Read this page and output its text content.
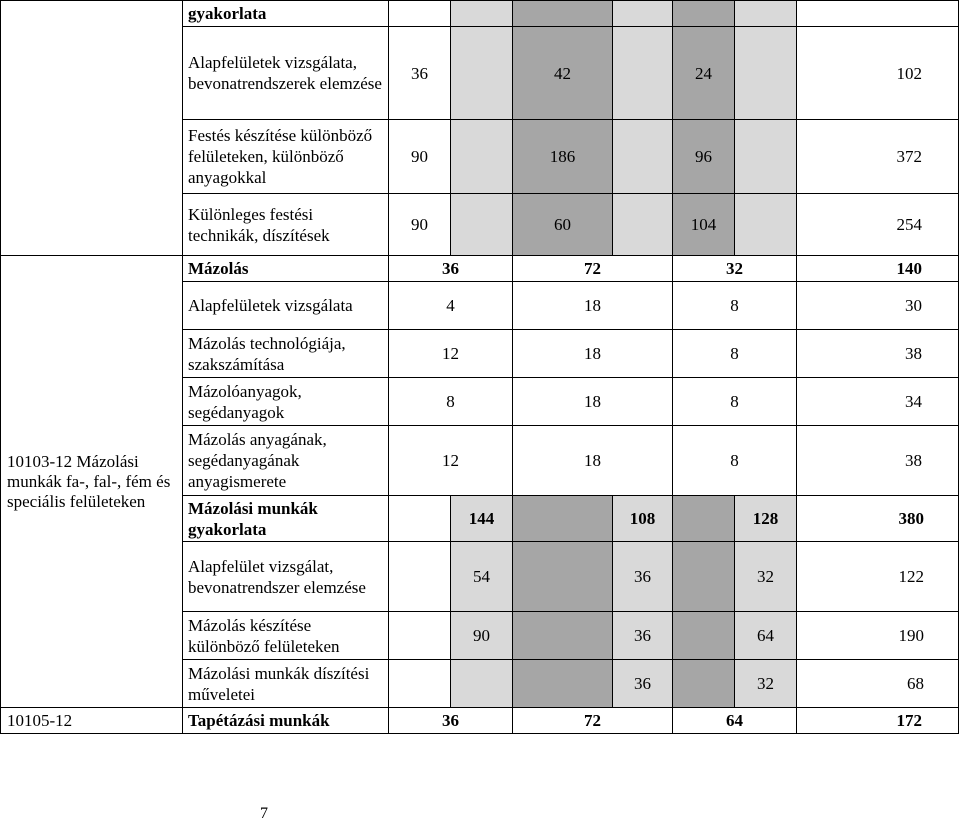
	gyakorlata							
	Alapfelületek vizsgálata, bevonatrendszerek elemzése	36		42		24		102
	Festés készítése különböző felületeken, különböző anyagokkal	90		186		96		372
	Különleges festési technikák, díszítések	90		60		104		254
10103-12 Mázolási munkák fa-, fal-, fém és speciális felületeken	Mázolás	36		72		32		140
	Alapfelületek vizsgálata	4		18		8		30
	Mázolás technológiája, szakszámítása	12		18		8		38
	Mázolóanyagok, segédanyagok	8		18		8		34
	Mázolás anyagának, segédanyagának anyagismerete	12		18		8		38
	Mázolási munkák gyakorlata		144		108		128	380
	Alapfelület vizsgálat, bevonatrendszer elemzése		54		36		32	122
	Mázolás készítése különböző felületeken		90		36		64	190
	Mázolási munkák díszítési műveletei				36		32	68
10105-12	Tapétázási munkák	36		72		64		172
7
